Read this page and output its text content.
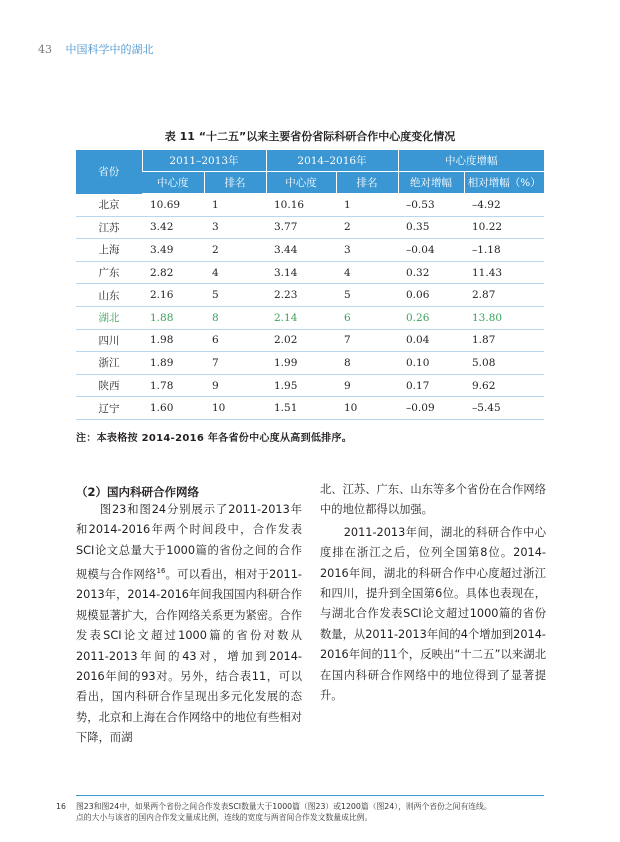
43 中国科学中的湖北
表 11 “十二五”以来主要省份省际科研合作中心度变化情况
省份	2011–2013年		2014–2016年		中心度增幅	
	中心度	排名	中心度	排名	绝对增幅	相对增幅（%）
北京	10.69	1	10.16	1	–0.53	–4.92
江苏	3.42	3	3.77	2	0.35	10.22
上海	3.49	2	3.44	3	–0.04	–1.18
广东	2.82	4	3.14	4	0.32	11.43
山东	2.16	5	2.23	5	0.06	2.87
湖北	1.88	8	2.14	6	0.26	13.80
四川	1.98	6	2.02	7	0.04	1.87
浙江	1.89	7	1.99	8	0.10	5.08
陕西	1.78	9	1.95	9	0.17	9.62
辽宁	1.60	10	1.51	10	–0.09	–5.45
注：本表格按 2014-2016 年各省份中心度从高到低排序。
（2）国内科研合作网络

图23和图24分别展示了2011-2013年和2014-2016年两个时间段中，合作发表SCI论文总量大于1000篇的省份之间的合作规模与合作网络$^{16}$。可以看出，相对于2011-2013年，2014-2016年间我国国内科研合作规模显著扩大，合作网络关系更为紧密。合作发表SCI论文超过1000篇的省份对数从2011-2013年间的43对，增加到2014-2016年间的93对。另外，结合表11，可以看出，国内科研合作呈现出多元化发展的态势，北京和上海在合作网络中的地位有些相对下降，而湖

北、江苏、广东、山东等多个省份在合作网络中的地位都得以加强。

2011-2013年间，湖北的科研合作中心度排在浙江之后，位列全国第8位。2014-2016年间，湖北的科研合作中心度超过浙江和四川，提升到全国第6位。具体也表现在，与湖北合作发表SCI论文超过1000篇的省份数量，从2011-2013年间的4个增加到2014-2016年间的11个，反映出“十二五”以来湖北在国内科研合作网络中的地位得到了显著提升。

16 图23和图24中，如果两个省份之间合作发表SCI数量大于1000篇（图23）或1200篇（图24），则两个省份之间有连线。
点的大小与该省的国内合作发文量成比例，连线的宽度与两省间合作发文数量成比例。
